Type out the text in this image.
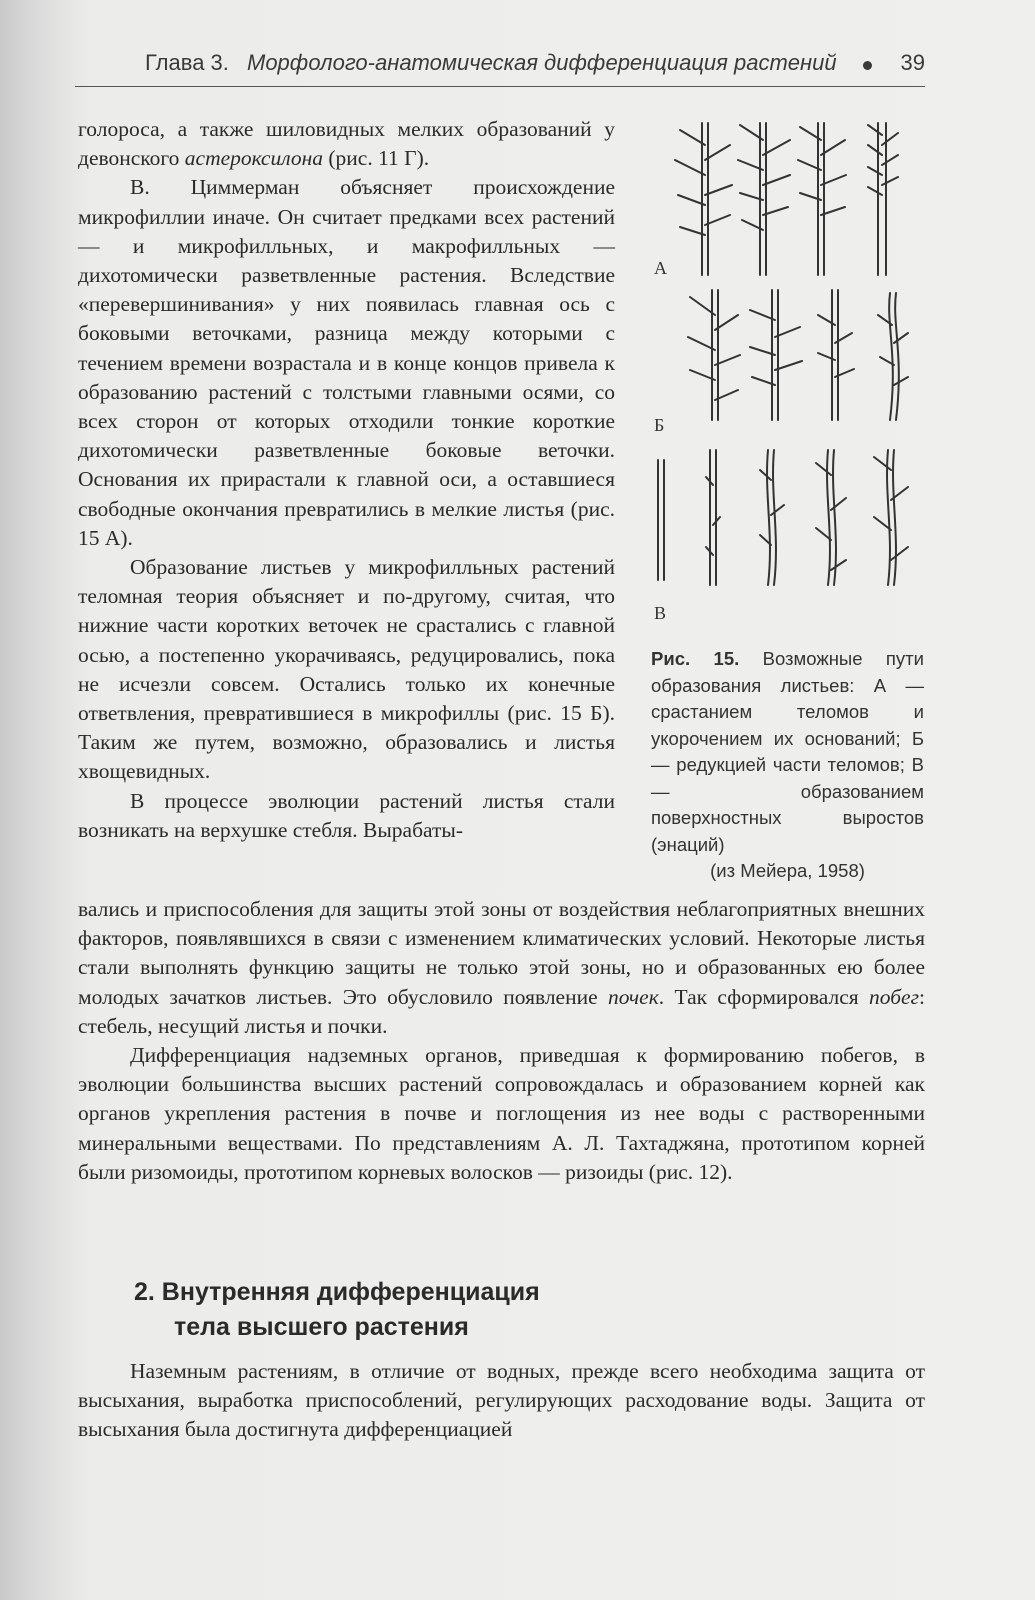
Глава 3. Морфолого-анатомическая дифференциация растений	39

голороса, а также шиловидных мелких образований у девонского астероксилона (рис. 11 Г).

В. Циммерман объясняет происхождение микрофиллии иначе. Он считает предками всех растений — и микрофилльных, и макрофилльных — дихотомически разветвленные растения. Вследствие «перевершинивания» у них появилась главная ось с боковыми веточками, разница между которыми с течением времени возрастала и в конце концов привела к образованию растений с толстыми главными осями, со всех сторон от которых отходили тонкие короткие дихотомически разветвленные боковые веточки. Основания их прирастали к главной оси, а оставшиеся свободные окончания превратились в мелкие листья (рис. 15 А).

Образование листьев у микрофилльных растений теломная теория объясняет и по-другому, считая, что нижние части коротких веточек не срастались с главной осью, а постепенно укорачиваясь, редуцировались, пока не исчезли совсем. Остались только их конечные ответвления, превратившиеся в микрофиллы (рис. 15 Б). Таким же путем, возможно, образовались и листья хвощевидных.

В процессе эволюции растений листья стали возникать на верхушке стебля. Вырабаты-

А
Б
В
Рис. 15. Возможные пути образования листьев: А — срастанием теломов и укорочением их оснований; Б — редукцией части теломов; В — образованием поверхностных выростов (энаций)
(из Мейера, 1958)

вались и приспособления для защиты этой зоны от воздействия неблагоприятных внешних факторов, появлявшихся в связи с изменением климатических условий. Некоторые листья стали выполнять функцию защиты не только этой зоны, но и образованных ею более молодых зачатков листьев. Это обусловило появление почек. Так сформировался побег: стебель, несущий листья и почки.

Дифференциация надземных органов, приведшая к формированию побегов, в эволюции большинства высших растений сопровождалась и образованием корней как органов укрепления растения в почве и поглощения из нее воды с растворенными минеральными веществами. По представлениям А. Л. Тахтаджяна, прототипом корней были ризомоиды, прототипом корневых волосков — ризоиды (рис. 12).

2. Внутренняя дифференциация
тела высшего растения

Наземным растениям, в отличие от водных, прежде всего необходима защита от высыхания, выработка приспособлений, регулирующих расходование воды. Защита от высыхания была достигнута дифференциацией
